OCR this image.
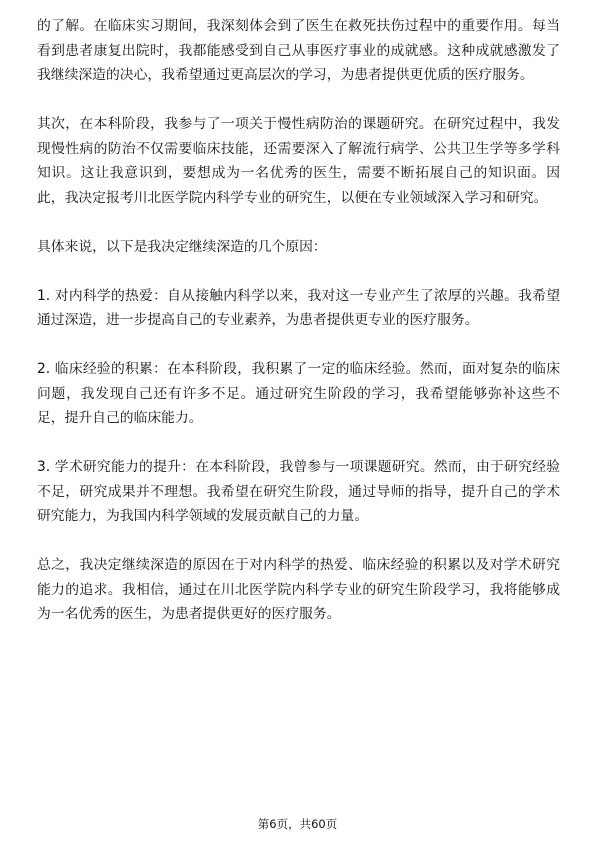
的了解。在临床实习期间，我深刻体会到了医生在救死扶伤过程中的重要作用。每当看到患者康复出院时，我都能感受到自己从事医疗事业的成就感。这种成就感激发了我继续深造的决心，我希望通过更高层次的学习，为患者提供更优质的医疗服务。

其次，在本科阶段，我参与了一项关于慢性病防治的课题研究。在研究过程中，我发现慢性病的防治不仅需要临床技能，还需要深入了解流行病学、公共卫生学等多学科知识。这让我意识到，要想成为一名优秀的医生，需要不断拓展自己的知识面。因此，我决定报考川北医学院内科学专业的研究生，以便在专业领域深入学习和研究。

具体来说，以下是我决定继续深造的几个原因：

1. 对内科学的热爱：自从接触内科学以来，我对这一专业产生了浓厚的兴趣。我希望通过深造，进一步提高自己的专业素养，为患者提供更专业的医疗服务。

2. 临床经验的积累：在本科阶段，我积累了一定的临床经验。然而，面对复杂的临床问题，我发现自己还有许多不足。通过研究生阶段的学习，我希望能够弥补这些不足，提升自己的临床能力。

3. 学术研究能力的提升：在本科阶段，我曾参与一项课题研究。然而，由于研究经验不足，研究成果并不理想。我希望在研究生阶段，通过导师的指导，提升自己的学术研究能力，为我国内科学领域的发展贡献自己的力量。

总之，我决定继续深造的原因在于对内科学的热爱、临床经验的积累以及对学术研究能力的追求。我相信，通过在川北医学院内科学专业的研究生阶段学习，我将能够成为一名优秀的医生，为患者提供更好的医疗服务。

第6页，共60页
